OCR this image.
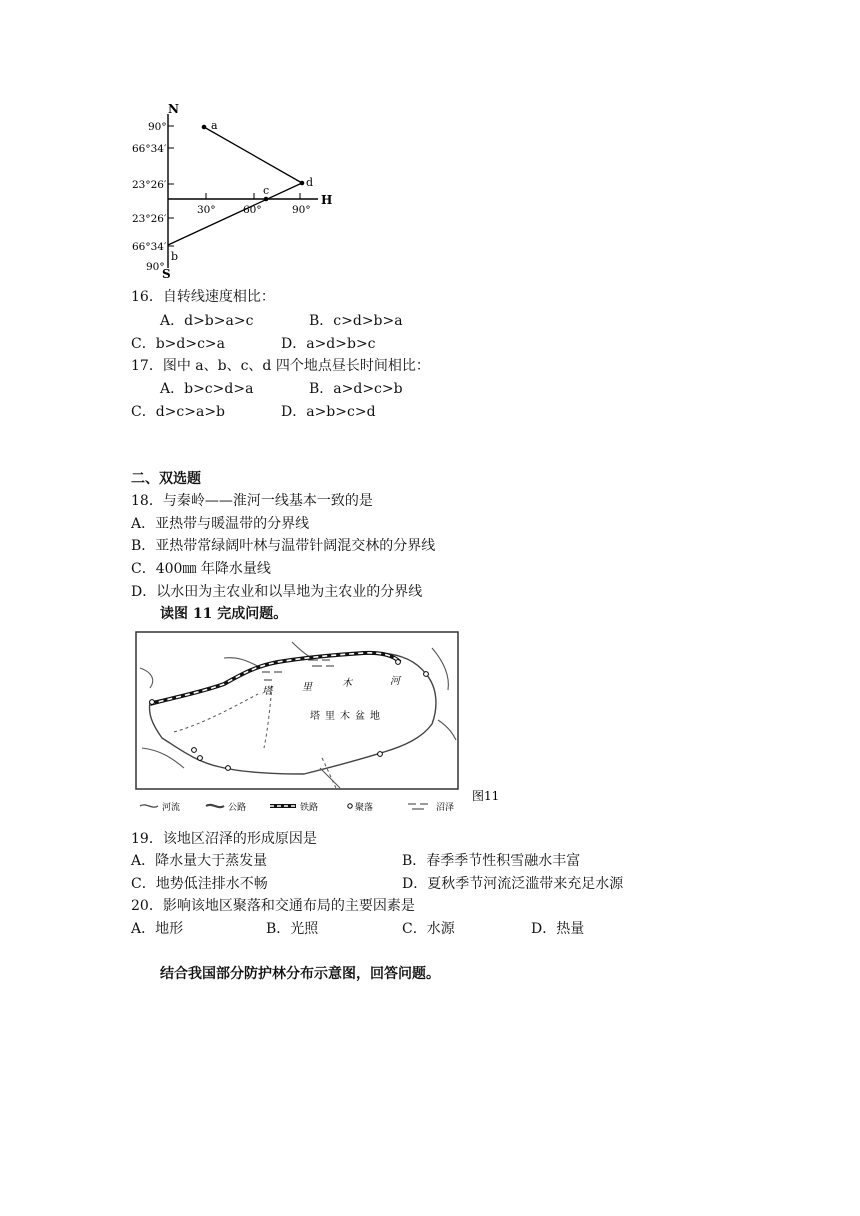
N
S
H
90°
66°34′
23°26′
23°26′
66°34′
90°
30°	60°	90°
a
b
c
d
16．自转线速度相比：
A．d>b>a>c	B．c>d>b>a
C．b>d>c>a	D．a>d>b>c
17．图中 a、b、c、d 四个地点昼长时间相比：
A．b>c>d>a	B．a>d>c>b
C．d>c>a>b	D．a>b>c>d
二、双选题
18．与秦岭——淮河一线基本一致的是
A．亚热带与暖温带的分界线
B．亚热带常绿阔叶林与温带针阔混交林的分界线
C．400㎜ 年降水量线
D．以水田为主农业和以旱地为主农业的分界线
读图 11 完成问题。
塔	里	木	河
塔里木盆地
图11
河流	公路	铁路	聚落	沼泽
19．该地区沼泽的形成原因是
A．降水量大于蒸发量	B．春季季节性积雪融水丰富
C．地势低洼排水不畅	D．夏秋季节河流泛滥带来充足水源
20．影响该地区聚落和交通布局的主要因素是
A．地形	B．光照	C．水源	D．热量
结合我国部分防护林分布示意图，回答问题。
